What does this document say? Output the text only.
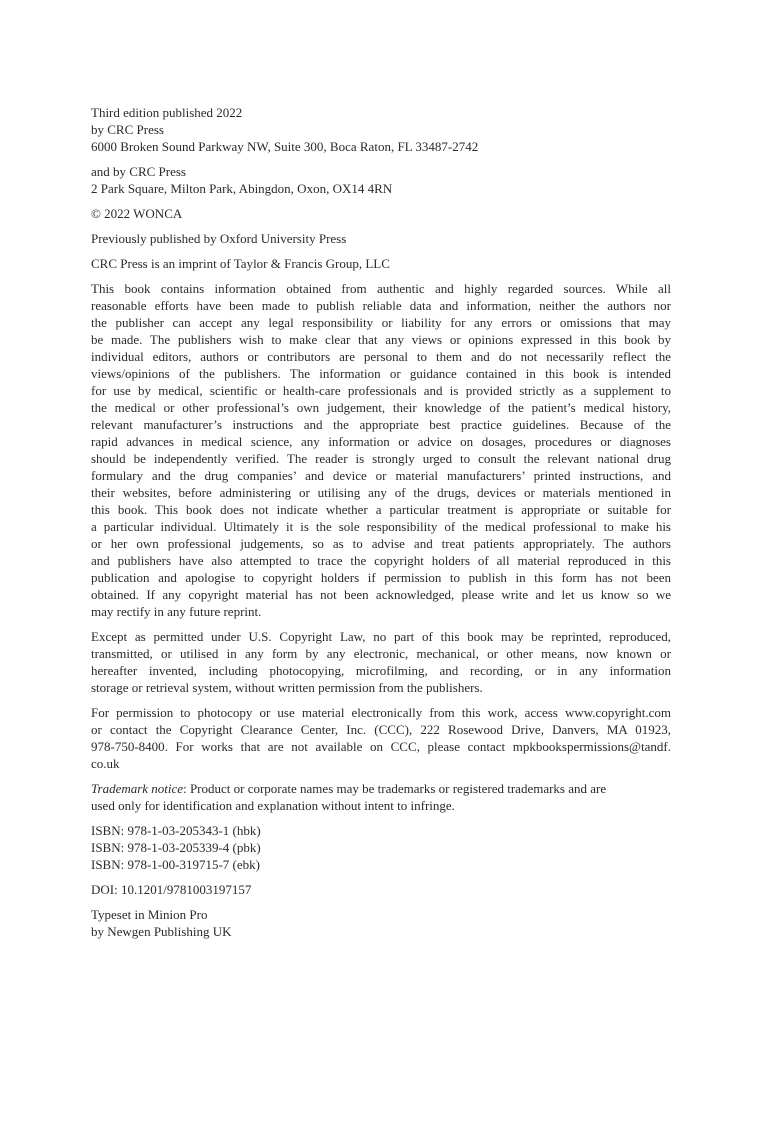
Third edition published 2022
by CRC Press
6000 Broken Sound Parkway NW, Suite 300, Boca Raton, FL 33487-2742
and by CRC Press
2 Park Square, Milton Park, Abingdon, Oxon, OX14 4RN
© 2022 WONCA
Previously published by Oxford University Press
CRC Press is an imprint of Taylor & Francis Group, LLC
This book contains information obtained from authentic and highly regarded sources. While all
reasonable efforts have been made to publish reliable data and information, neither the authors nor
the publisher can accept any legal responsibility or liability for any errors or omissions that may
be made. The publishers wish to make clear that any views or opinions expressed in this book by
individual editors, authors or contributors are personal to them and do not necessarily reflect the
views/opinions of the publishers. The information or guidance contained in this book is intended
for use by medical, scientific or health-care professionals and is provided strictly as a supplement to
the medical or other professional’s own judgement, their knowledge of the patient’s medical history,
relevant manufacturer’s instructions and the appropriate best practice guidelines. Because of the
rapid advances in medical science, any information or advice on dosages, procedures or diagnoses
should be independently verified. The reader is strongly urged to consult the relevant national drug
formulary and the drug companies’ and device or material manufacturers’ printed instructions, and
their websites, before administering or utilising any of the drugs, devices or materials mentioned in
this book. This book does not indicate whether a particular treatment is appropriate or suitable for
a particular individual. Ultimately it is the sole responsibility of the medical professional to make his
or her own professional judgements, so as to advise and treat patients appropriately. The authors
and publishers have also attempted to trace the copyright holders of all material reproduced in this
publication and apologise to copyright holders if permission to publish in this form has not been
obtained. If any copyright material has not been acknowledged, please write and let us know so we
may rectify in any future reprint.
Except as permitted under U.S. Copyright Law, no part of this book may be reprinted, reproduced,
transmitted, or utilised in any form by any electronic, mechanical, or other means, now known or
hereafter invented, including photocopying, microfilming, and recording, or in any information
storage or retrieval system, without written permission from the publishers.
For permission to photocopy or use material electronically from this work, access www.copyright.com
or contact the Copyright Clearance Center, Inc. (CCC), 222 Rosewood Drive, Danvers, MA 01923,
978-750-8400. For works that are not available on CCC, please contact mpkbookspermissions@tandf.
co.uk
Trademark notice: Product or corporate names may be trademarks or registered trademarks and are
used only for identification and explanation without intent to infringe.
ISBN: 978-1-03-205343-1 (hbk)
ISBN: 978-1-03-205339-4 (pbk)
ISBN: 978-1-00-319715-7 (ebk)
DOI: 10.1201/9781003197157
Typeset in Minion Pro
by Newgen Publishing UK
